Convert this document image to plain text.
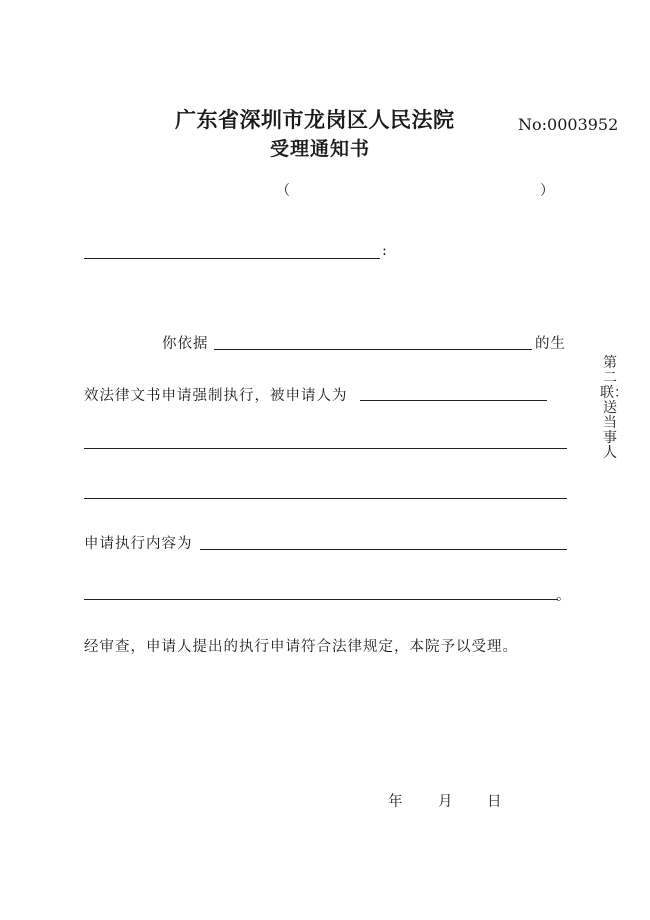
广东省深圳市龙岗区人民法院
受理通知书
No:0003952
（	）
:
你依据	的生
效法律文书申请强制执行，被申请人为
申请执行内容为
。
经审查，申请人提出的执行申请符合法律规定，本院予以受理。
第二联：送当事人
年 月 日
